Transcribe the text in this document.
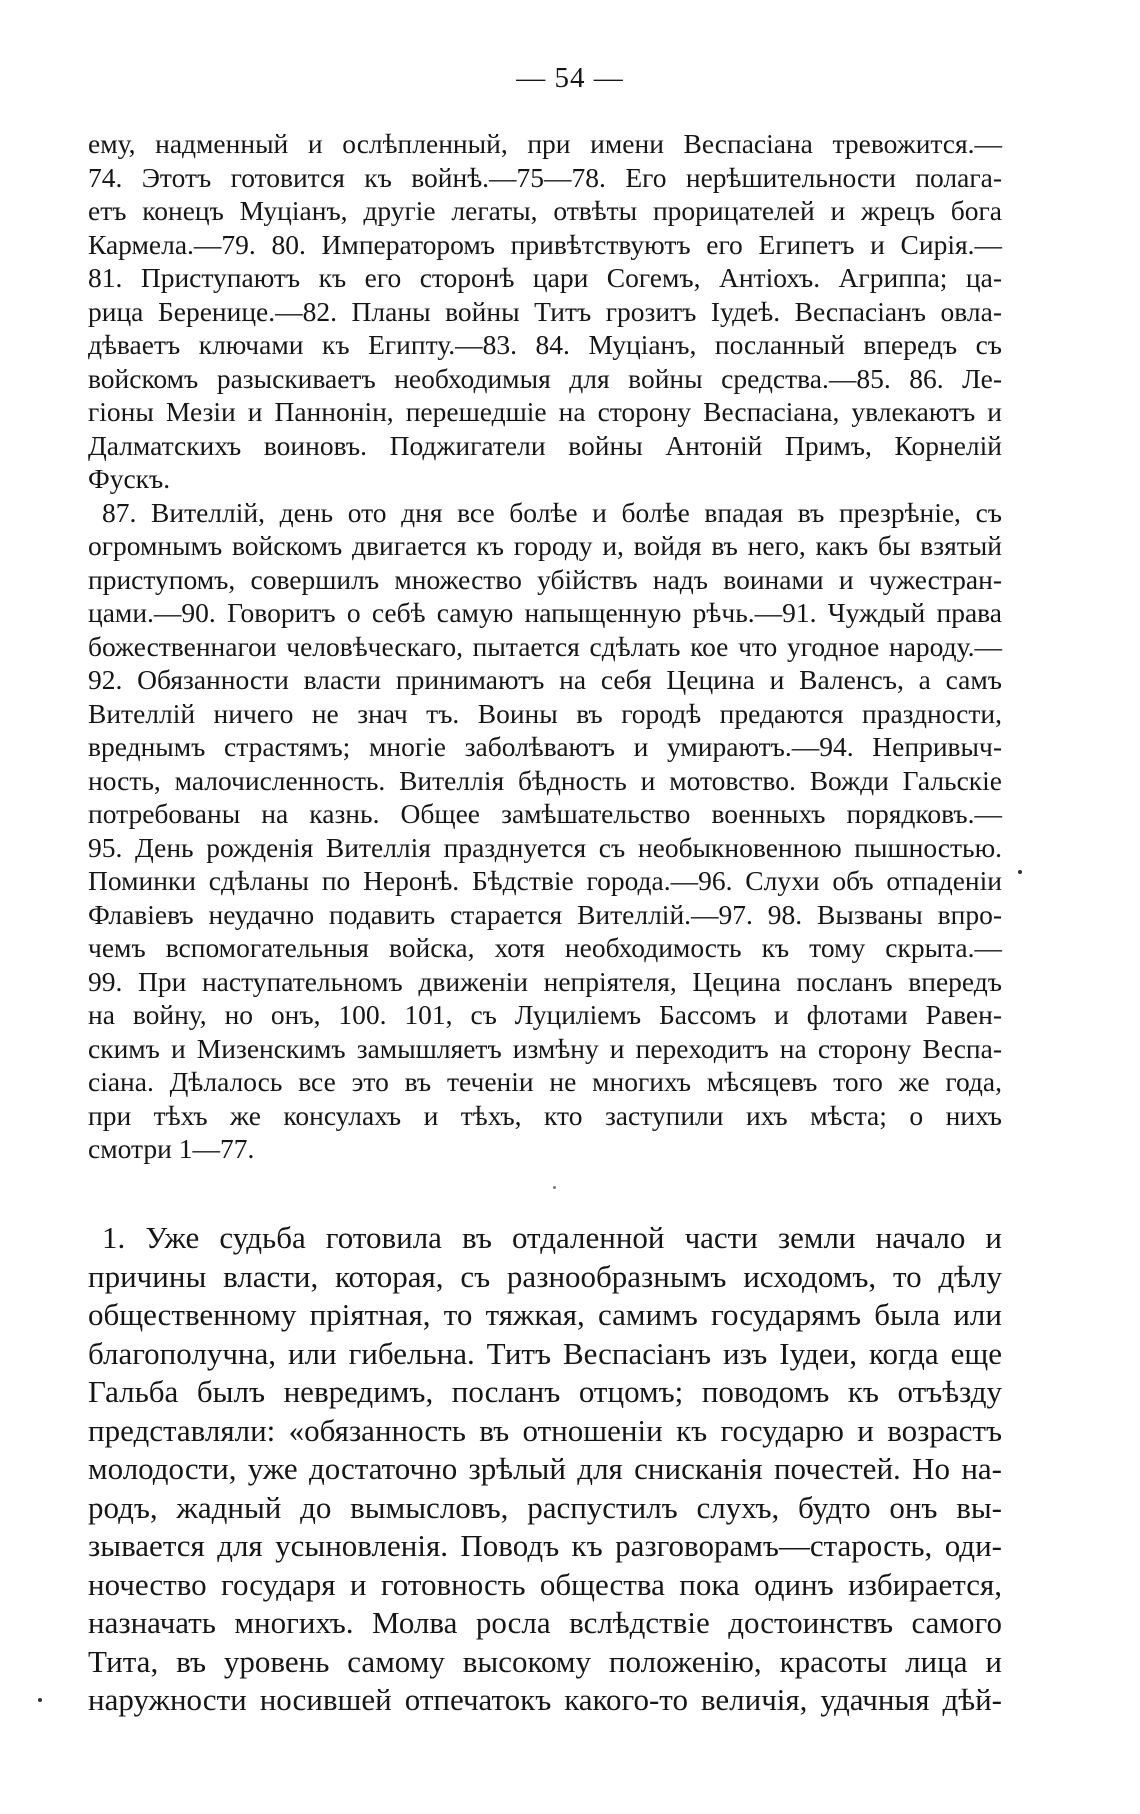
— 54 —
ему, надменный и ослѣпленный, при имени Веспасіана тревожится.—
74. Этотъ готовится къ войнѣ.—75—78. Его нерѣшительности полага-
етъ конецъ Муціанъ, другіе легаты, отвѣты прорицателей и жрецъ бога
Кармела.—79. 80. Императоромъ привѣтствуютъ его Египетъ и Сирія.—
81. Приступаютъ къ его сторонѣ цари Согемъ, Антіохъ. Агриппа; ца-
рица Беренице.—82. Планы войны Титъ грозитъ Іудеѣ. Веспасіанъ овла-
дѣваетъ ключами къ Египту.—83. 84. Муціанъ, посланный впередъ съ
войскомъ разыскиваетъ необходимыя для войны средства.—85. 86. Ле-
гіоны Мезіи и Паннонін, перешедшіе на сторону Веспасіана, увлекаютъ и
Далматскихъ воиновъ. Поджигатели войны Антоній Примъ, Корнелій
Фускъ.
87. Вителлій, день ото дня все болѣе и болѣе впадая въ презрѣніе, съ
огромнымъ войскомъ двигается къ городу и, войдя въ него, какъ бы взятый
приступомъ, совершилъ множество убійствъ надъ воинами и чужестран-
цами.—90. Говоритъ о себѣ самую напыщенную рѣчь.—91. Чуждый права
божественнагои человѣческаго, пытается сдѣлать кое что угодное народу.—
92. Обязанности власти принимаютъ на себя Цецина и Валенсъ, а самъ
Вителлій ничего не знач тъ. Воины въ городѣ предаются праздности,
вреднымъ страстямъ; многіе заболѣваютъ и умираютъ.—94. Непривыч-
ность, малочисленность. Вителлія бѣдность и мотовство. Вожди Гальскіе
потребованы на казнь. Общее замѣшательство военныхъ порядковъ.—
95. День рожденія Вителлія празднуется съ необыкновенною пышностью.
Поминки сдѣланы по Неронѣ. Бѣдствіе города.—96. Слухи объ отпаденіи
Флавіевъ неудачно подавить старается Вителлій.—97. 98. Вызваны впро-
чемъ вспомогательныя войска, хотя необходимость къ тому скрыта.—
99. При наступательномъ движеніи непріятеля, Цецина посланъ впередъ
на войну, но онъ, 100. 101, съ Луциліемъ Бассомъ и флотами Равен-
скимъ и Мизенскимъ замышляетъ измѣну и переходитъ на сторону Веспа-
сіана. Дѣлалось все это въ теченіи не многихъ мѣсяцевъ того же года,
при тѣхъ же консулахъ и тѣхъ, кто заступили ихъ мѣста; о нихъ
смотри 1—77.
1. Уже судьба готовила въ отдаленной части земли начало и
причины власти, которая, съ разнообразнымъ исходомъ, то дѣлу
общественному пріятная, то тяжкая, самимъ государямъ была или
благополучна, или гибельна. Титъ Веспасіанъ изъ Іудеи, когда еще
Гальба былъ невредимъ, посланъ отцомъ; поводомъ къ отъѣзду
представляли: «обязанность въ отношеніи къ государю и возрастъ
молодости, уже достаточно зрѣлый для снисканія почестей. Но на-
родъ, жадный до вымысловъ, распустилъ слухъ, будто онъ вы-
зывается для усыновленія. Поводъ къ разговорамъ—старость, оди-
ночество государя и готовность общества пока одинъ избирается,
назначать многихъ. Молва росла вслѣдствіе достоинствъ самого
Тита, въ уровень самому высокому положенію, красоты лица и
наружности носившей отпечатокъ какого-то величія, удачныя дѣй-
